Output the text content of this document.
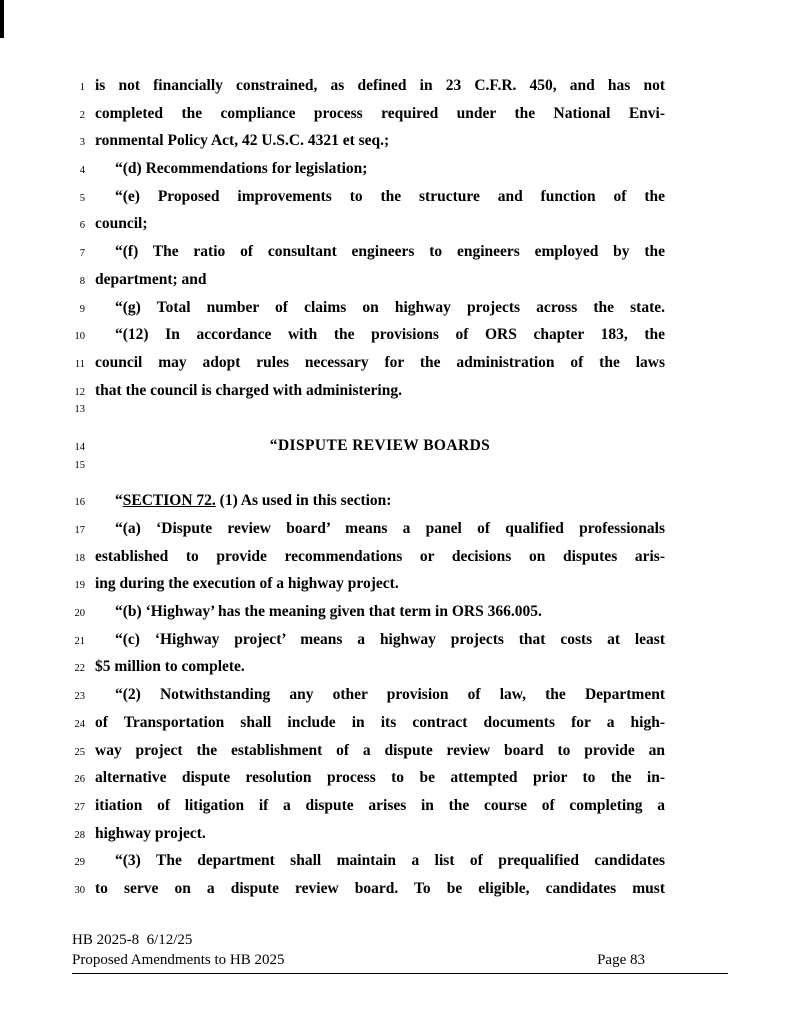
1 is not financially constrained, as defined in 23 C.F.R. 450, and has not
2 completed the compliance process required under the National Envi-
3 ronmental Policy Act, 42 U.S.C. 4321 et seq.;
4	“(d) Recommendations for legislation;
5	“(e) Proposed improvements to the structure and function of the
6 council;
7	“(f) The ratio of consultant engineers to engineers employed by the
8 department; and
9	“(g) Total number of claims on highway projects across the state.
10	“(12) In accordance with the provisions of ORS chapter 183, the
11 council may adopt rules necessary for the administration of the laws
12 that the council is charged with administering.
13
14	“DISPUTE REVIEW BOARDS
15
16	“SECTION 72. (1) As used in this section:
17	“(a) ‘Dispute review board’ means a panel of qualified professionals
18 established to provide recommendations or decisions on disputes aris-
19 ing during the execution of a highway project.
20	“(b) ‘Highway’ has the meaning given that term in ORS 366.005.
21	“(c) ‘Highway project’ means a highway projects that costs at least
22 $5 million to complete.
23	“(2) Notwithstanding any other provision of law, the Department
24 of Transportation shall include in its contract documents for a high-
25 way project the establishment of a dispute review board to provide an
26 alternative dispute resolution process to be attempted prior to the in-
27 itiation of litigation if a dispute arises in the course of completing a
28 highway project.
29	“(3) The department shall maintain a list of prequalified candidates
30 to serve on a dispute review board. To be eligible, candidates must
HB 2025-8  6/12/25
Proposed Amendments to HB 2025	Page 83
